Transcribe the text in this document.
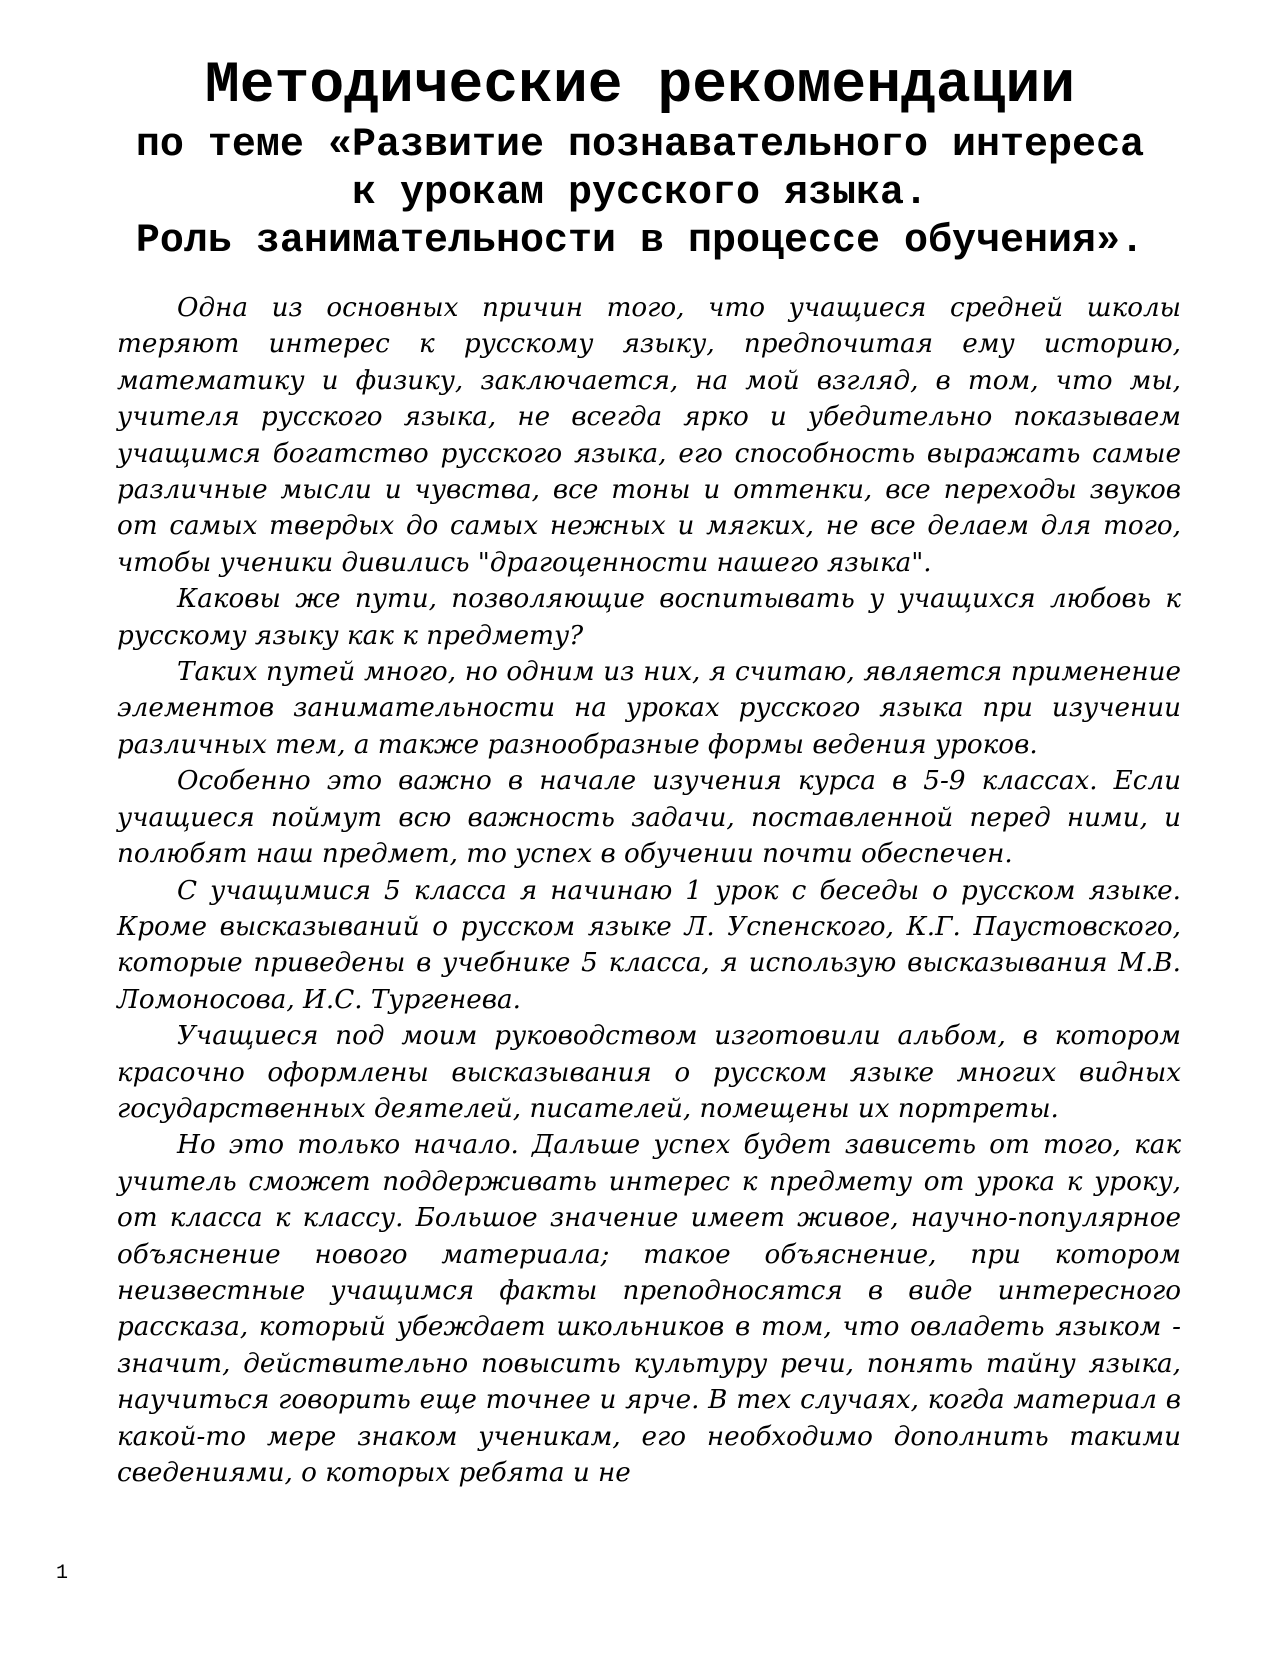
Методические рекомендации
по теме «Развитие познавательного интереса
к урокам русского языка.
Роль занимательности в процессе обучения».

Одна из основных причин того, что учащиеся средней школы теряют интерес к русскому языку, предпочитая ему историю, математику и физику, заключается, на мой взгляд, в том, что мы, учителя русского языка, не всегда ярко и убедительно показываем учащимся богатство русского языка, его способность выражать самые различные мысли и чувства, все тоны и оттенки, все переходы звуков от самых твердых до самых нежных и мягких, не все делаем для того, чтобы ученики дивились "драгоценности нашего языка".

Каковы же пути, позволяющие воспитывать у учащихся любовь к русскому языку как к предмету?

Таких путей много, но одним из них, я считаю, является применение элементов занимательности на уроках русского языка при изучении различных тем, а также разнообразные формы ведения уроков.

Особенно это важно в начале изучения курса в 5-9 классах. Если учащиеся поймут всю важность задачи, поставленной перед ними, и полюбят наш предмет, то успех в обучении почти обеспечен.

С учащимися 5 класса я начинаю 1 урок с беседы о русском языке. Кроме высказываний о русском языке Л. Успенского, К.Г. Паустовского, которые приведены в учебнике 5 класса, я использую высказывания М.В. Ломоносова, И.С. Тургенева.

Учащиеся под моим руководством изготовили альбом, в котором красочно оформлены высказывания о русском языке многих видных государственных деятелей, писателей, помещены их портреты.

Но это только начало. Дальше успех будет зависеть от того, как учитель сможет поддерживать интерес к предмету от урока к уроку, от класса к классу. Большое значение имеет живое, научно-популярное объяснение нового материала; такое объяснение, при котором неизвестные учащимся факты преподносятся в виде интересного рассказа, который убеждает школьников в том, что овладеть языком - значит, действительно повысить культуру речи, понять тайну языка, научиться говорить еще точнее и ярче. В тех случаях, когда материал в какой-то мере знаком ученикам, его необходимо дополнить такими сведениями, о которых ребята и не

1
